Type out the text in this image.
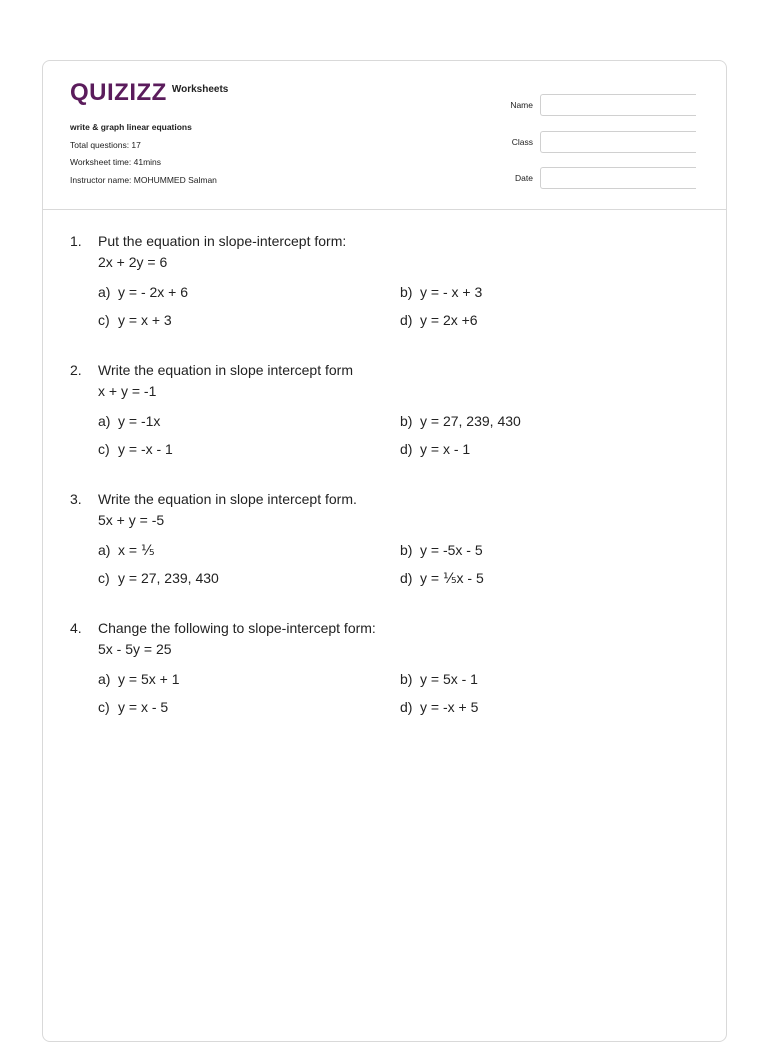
QUIZIZZ Worksheets
write & graph linear equations
Total questions: 17
Worksheet time: 41mins
Instructor name: MOHUMMED Salman
Name
Class
Date
1.	Put the equation in slope-intercept form:
2x + 2y = 6
a) y = - 2x + 6	b) y = - x + 3
c) y = x + 3	d) y = 2x +6
2.	Write the equation in slope intercept form
x + y = -1
a) y = -1x	b) y = 27, 239, 430
c) y = -x - 1	d) y = x - 1
3.	Write the equation in slope intercept form.
5x + y = -5
a) x = ⅕	b) y = -5x - 5
c) y = 27, 239, 430	d) y = ⅕x - 5
4.	Change the following to slope-intercept form:
5x - 5y = 25
a) y = 5x + 1	b) y = 5x - 1
c) y = x - 5	d) y = -x + 5
